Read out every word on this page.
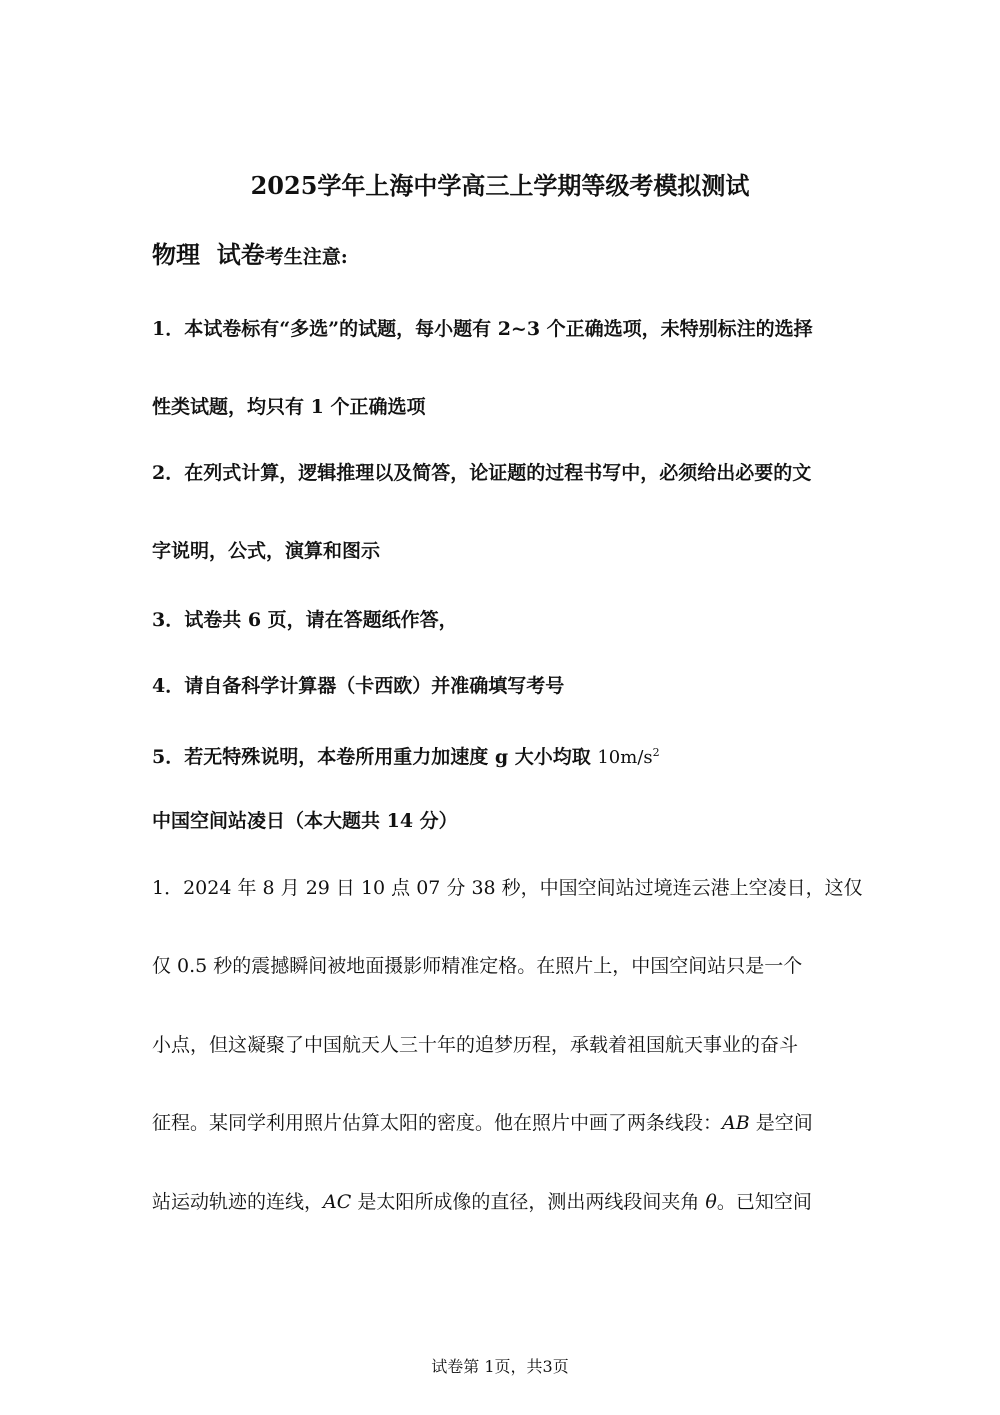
2025学年上海中学高三上学期等级考模拟测试
物理  试卷考生注意:
1．本试卷标有“多选”的试题，每小题有 2~3 个正确选项，未特别标注的选择
性类试题，均只有 1 个正确选项
2．在列式计算，逻辑推理以及简答，论证题的过程书写中，必须给出必要的文
字说明，公式，演算和图示
3．试卷共 6 页，请在答题纸作答，
4．请自备科学计算器（卡西欧）并准确填写考号
5．若无特殊说明，本卷所用重力加速度 g 大小均取 $10m/s^2$
中国空间站凌日（本大题共 14 分）
1．2024 年 8 月 29 日 10 点 07 分 38 秒，中国空间站过境连云港上空凌日，这仅
仅 0.5 秒的震撼瞬间被地面摄影师精准定格。在照片上，中国空间站只是一个
小点，但这凝聚了中国航天人三十年的追梦历程，承载着祖国航天事业的奋斗
征程。某同学利用照片估算太阳的密度。他在照片中画了两条线段：AB 是空间
站运动轨迹的连线，AC 是太阳所成像的直径，测出两线段间夹角 θ。已知空间
试卷第 1页，共3页
